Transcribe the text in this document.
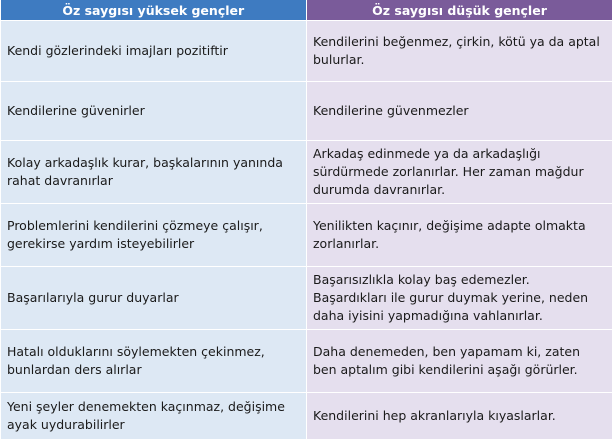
Öz saygısı yüksek gençler	Öz saygısı düşük gençler
Kendi gözlerindeki imajları pozitiftir	Kendilerini beğenmez, çirkin, kötü ya da aptal bulurlar.
Kendilerine güvenirler	Kendilerine güvenmezler
Kolay arkadaşlık kurar, başkalarının yanında rahat davranırlar	Arkadaş edinmede ya da arkadaşlığı sürdürmede zorlanırlar. Her zaman mağdur durumda davranırlar.
Problemlerini kendilerini çözmeye çalışır, gerekirse yardım isteyebilirler	Yenilikten kaçınır, değişime adapte olmakta zorlanırlar.
Başarılarıyla gurur duyarlar	Başarısızlıkla kolay baş edemezler. Başardıkları ile gurur duymak yerine, neden daha iyisini yapmadığına vahlanırlar.
Hatalı olduklarını söylemekten çekinmez, bunlardan ders alırlar	Daha denemeden, ben yapamam ki, zaten ben aptalım gibi kendilerini aşağı görürler.
Yeni şeyler denemekten kaçınmaz, değişime ayak uydurabilirler	Kendilerini hep akranlarıyla kıyaslarlar.
